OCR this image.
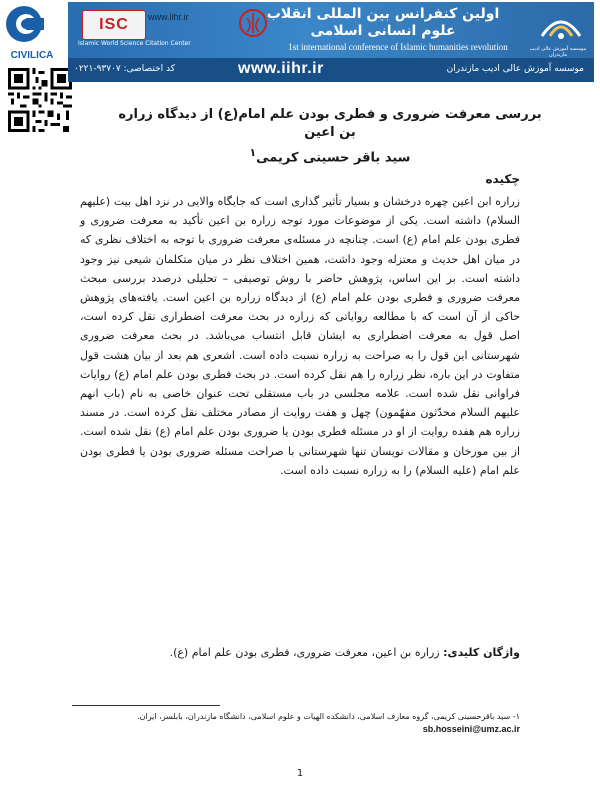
CIVILICA
ISC
Islamic World Science Citation Center
www.iihr.ir	اولین کنفرانس بین المللی انقلاب علوم انسانی اسلامی
1st international conference of Islamic humanities revolution	موسسه آموزش عالی ادیب مازندران
کد اختصاصی: ۹۳۷۰۷-۰۲۲۱	www.iihr.ir	موسسه آموزش عالی ادیب مازندران
بررسی معرفت ضروری و فطری بودن علم امام(ع) از دیدگاه زراره بن اعین
سید باقر حسینی کریمی$^۱$
چکیده
زراره ابن اعین چهره درخشان و بسیار تأثیر گذاری است که جایگاه والایی در نزد اهل بیت (علیهم السلام) داشته است. یکی از موضوعات مورد توجه زراره بن اعین تأکید به معرفت ضروری و فطری بودن علم امام (ع) است. چنانچه در مسئله‌ی معرفت ضروری با توجه به اختلاف نظری که در میان اهل حدیث و معتزله وجود داشت، همین اختلاف نظر در میان متکلمان شیعی نیز وجود داشته است. بر این اساس، پژوهش حاضر با روش توصیفی – تحلیلی درصدد بررسی مبحث معرفت ضروری و فطری بودن علم امام (ع) از دیدگاه زراره بن اعین است. یافته‌های پژوهش حاکی از آن است که با مطالعه روایاتی که زراره در بحث معرفت اضطراری نقل کرده است، اصل قول به معرفت اضطراری به ایشان قابل انتساب می‌باشد. در بحث معرفت ضروری شهرستانی این قول را به صراحت به زراره نسبت داده است. اشعری هم بعد از بیان هشت قول متفاوت در این باره، نظر زراره را هم نقل کرده است. در بحث فطری بودن علم امام (ع) روایات فراوانی نقل شده است. علامه مجلسی در باب مستقلی تحت عنوان خاصی به نام (باب انهم علیهم السلام محدّثون مفهّمون) چهل و هفت روایت از مصادر مختلف نقل کرده است. در مسند زراره هم هفده روایت از او در مسئله فطری بودن یا ضروری بودن علم امام (ع) نقل شده است. از بین مورخان و مقالات نویسان تنها شهرستانی با صراحت مسئله ضروری بودن یا فطری بودن علم امام (علیه السلام) را به زراره نسبت داده است.
واژگان کلیدی: زراره بن اعین، معرفت ضروری، فطری بودن علم امام (ع).
۱- سید باقرحسینی کریمی، گروه معارف اسلامی، دانشکده الهیات و علوم اسلامی، دانشگاه مازندران، بابلسر، ایران. sb.hosseini@umz.ac.ir
1
